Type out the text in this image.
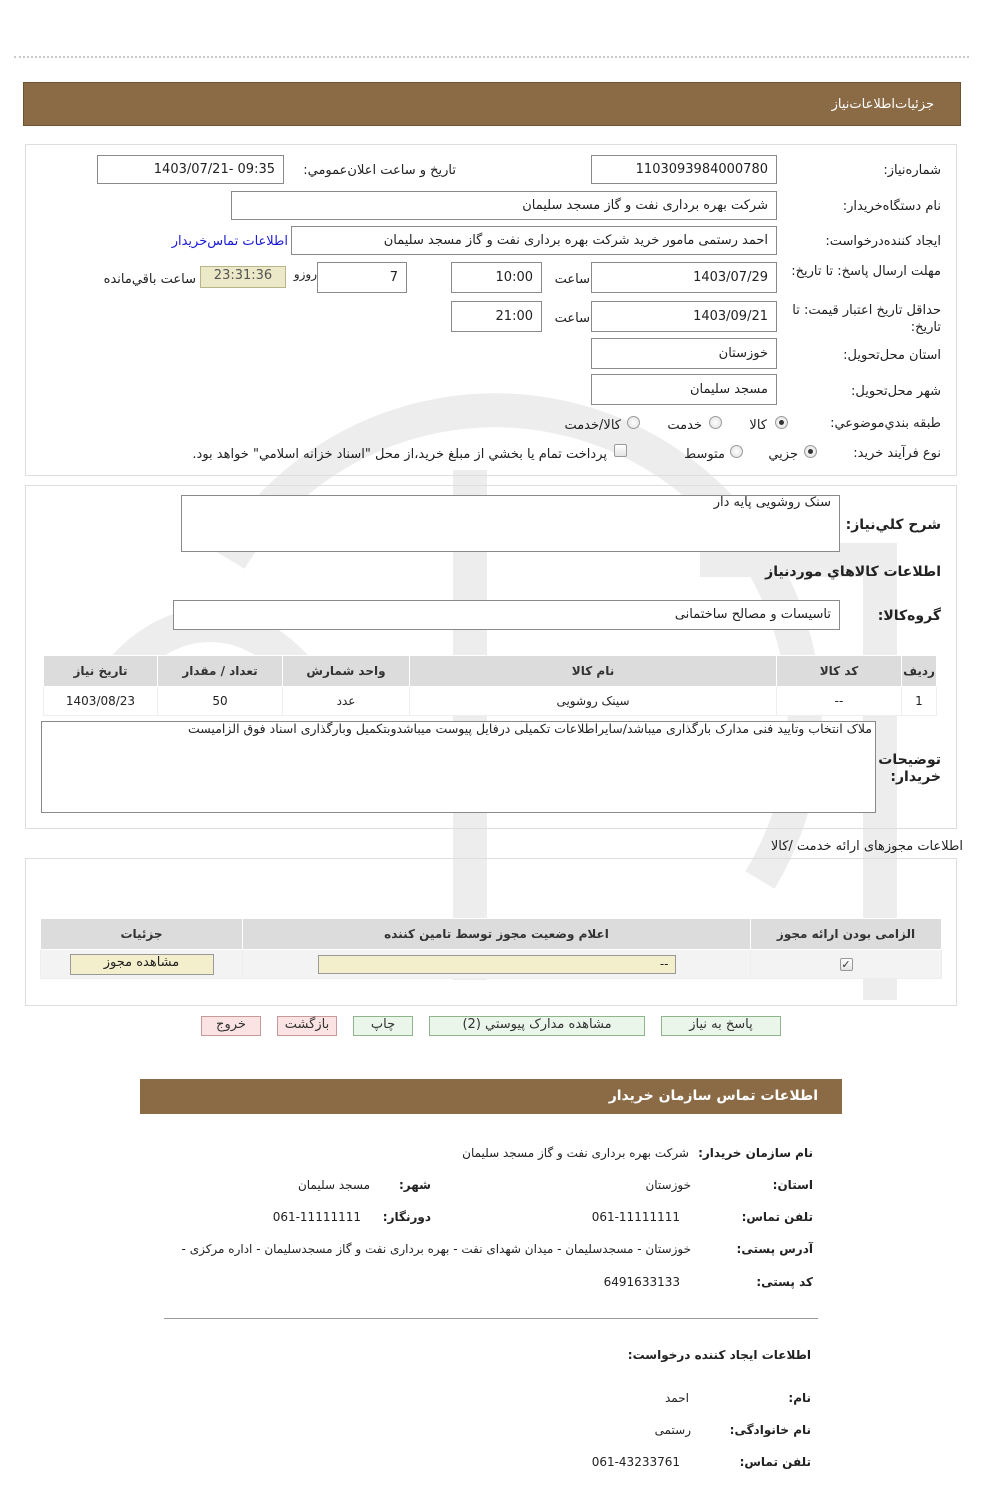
جزئیات‌اطلاعات‌نیاز
شماره‌نیاز:
1103093984000780
تاريخ و ساعت اعلان‌عمومي:
1403/07/21- 09:35
نام دستگاه‌خريدار:
شرکت بهره برداری نفت و گاز مسجد سلیمان
ايجاد کننده‌درخواست:
احمد رستمی مامور خرید شرکت بهره برداری نفت و گاز مسجد سلیمان
اطلاعات تماس‌خریدار
مهلت ارسال پاسخ: تا تاريخ:
1403/07/29
ساعت
10:00
7
روزو
23:31:36
ساعت باقي‌مانده
حداقل تاريخ اعتبار قيمت: تا تاريخ:
1403/09/21
ساعت
21:00
استان محل‌تحويل:
خوزستان
شهر محل‌تحويل:
مسجد سلیمان
طبقه بندي‌موضوعي:
کالا
خدمت
کالا/خدمت
نوع فرآيند خريد:
جزيي
متوسط
پرداخت تمام يا بخشي از مبلغ خريد،از محل "اسناد خزانه اسلامي" خواهد بود.
شرح کلي‌نياز:
سنک روشویی پایه دار
اطلاعات کالاهاي مورد‌نياز
گروه‌کالا:
تاسیسات و مصالح ساختمانی
رديف	کد کالا	نام کالا	واحد شمارش	تعداد / مقدار	تاريخ نياز
1	--	سینک روشویی	عدد	50	1403/08/23
توضيحات خريدار:
ملاک انتخاب وتایید فنی مدارک بارگذاری میباشد/سایراطلاعات تکمیلی درفایل پیوست میباشدوبتکمیل وبارگذاری اسناد فوق الزامیست
اطلاعات مجوزهای ارائه خدمت /کالا
الزامی بودن ارائه مجوز	اعلام وضعیت مجوز توسط تامین کننده	جزئیات
✓	--	مشاهده مجوز
پاسخ به نياز
مشاهده مدارک پيوستي (2)
چاپ
بازگشت
خروج
اطلاعات تماس سازمان خریدار
نام سازمان خریدار:
شرکت بهره برداری نفت و گاز مسجد سلیمان
استان:
خوزستان
شهر:
مسجد سلیمان
تلفن تماس:
061-11111111
دورنگار:
061-11111111
آدرس پستی:
خوزستان - مسجدسلیمان - میدان شهدای نفت - بهره برداری نفت و گاز مسجدسلیمان - اداره مرکزی -
کد پستی:
6491633133
اطلاعات ایجاد کننده درخواست:
نام:
احمد
نام خانوادگی:
رستمی
تلفن تماس:
061-43233761
